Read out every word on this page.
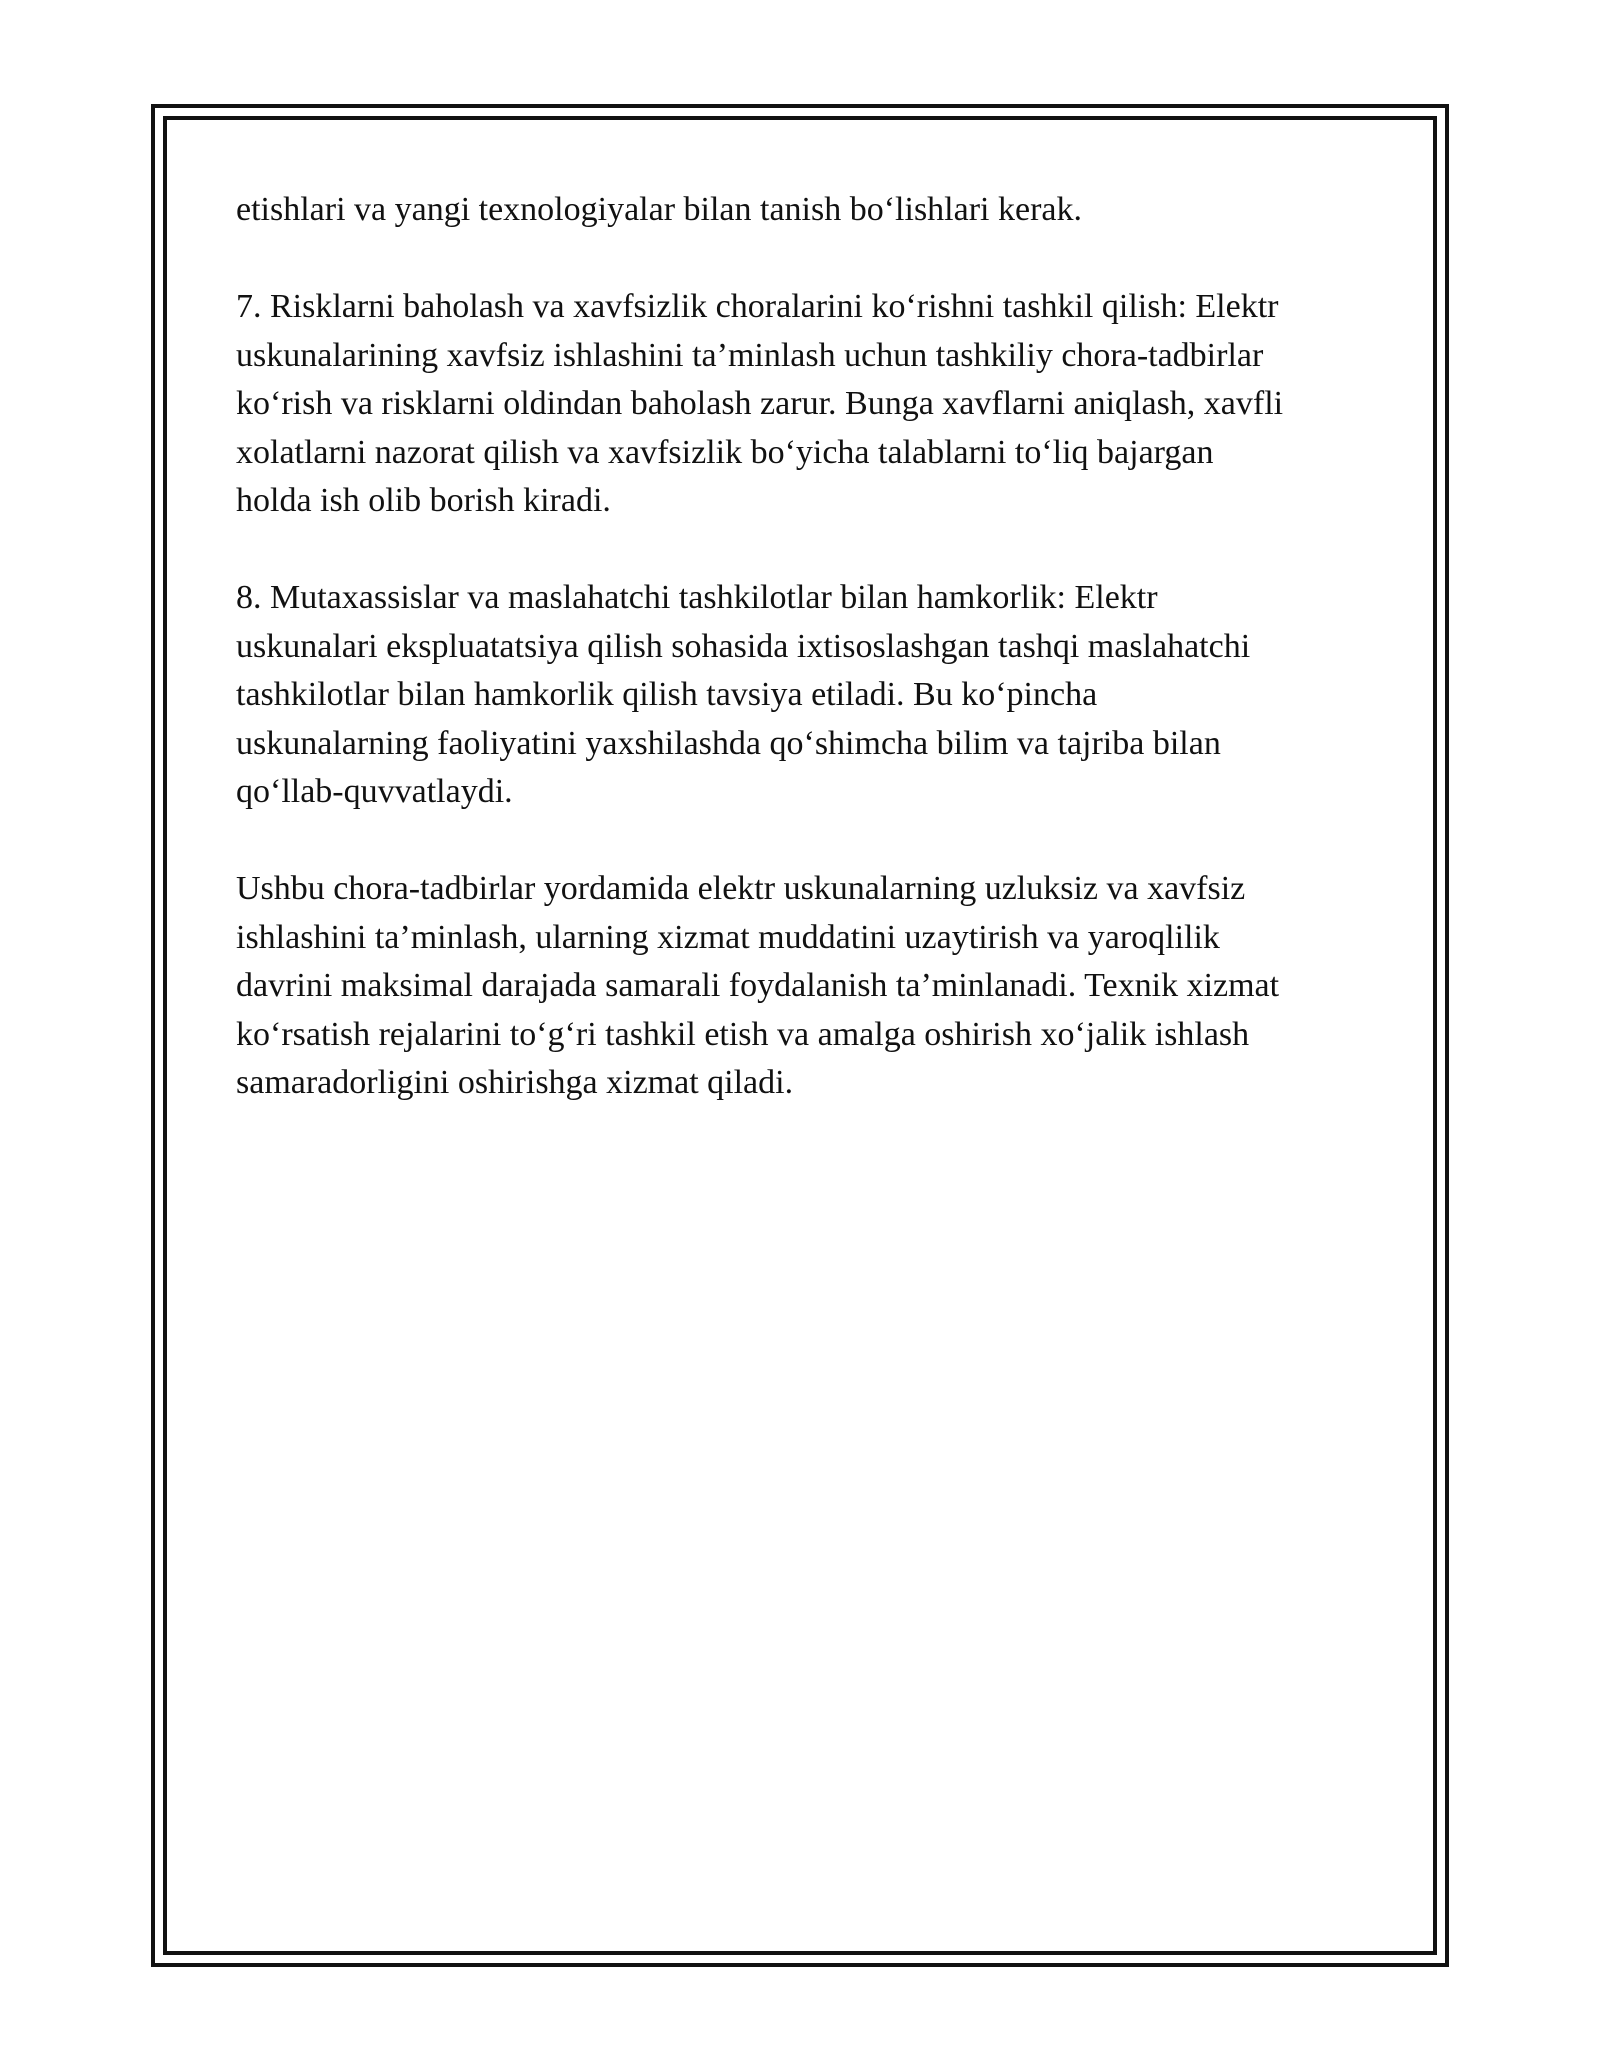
etishlari va yangi texnologiyalar bilan tanish bo‘lishlari kerak.

7. Risklarni baholash va xavfsizlik choralarini ko‘rishni tashkil qilish: Elektr
uskunalarining xavfsiz ishlashini ta’minlash uchun tashkiliy chora-tadbirlar
ko‘rish va risklarni oldindan baholash zarur. Bunga xavflarni aniqlash, xavfli
xolatlarni nazorat qilish va xavfsizlik bo‘yicha talablarni to‘liq bajargan
holda ish olib borish kiradi.

8. Mutaxassislar va maslahatchi tashkilotlar bilan hamkorlik: Elektr
uskunalari ekspluatatsiya qilish sohasida ixtisoslashgan tashqi maslahatchi
tashkilotlar bilan hamkorlik qilish tavsiya etiladi. Bu ko‘pincha
uskunalarning faoliyatini yaxshilashda qo‘shimcha bilim va tajriba bilan
qo‘llab-quvvatlaydi.

Ushbu chora-tadbirlar yordamida elektr uskunalarning uzluksiz va xavfsiz
ishlashini ta’minlash, ularning xizmat muddatini uzaytirish va yaroqlilik
davrini maksimal darajada samarali foydalanish ta’minlanadi. Texnik xizmat
ko‘rsatish rejalarini to‘g‘ri tashkil etish va amalga oshirish xo‘jalik ishlash
samaradorligini oshirishga xizmat qiladi.
